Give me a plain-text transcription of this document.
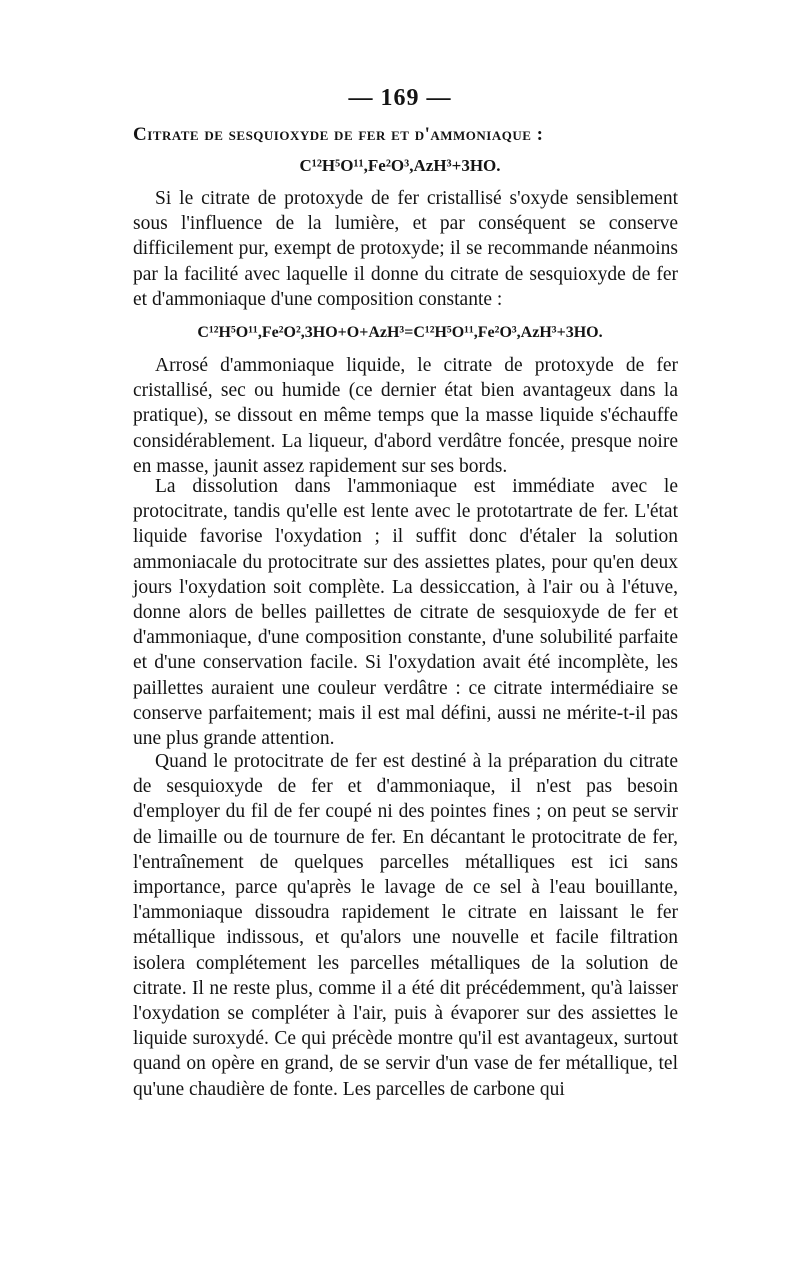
— 169 —
Citrate de sesquioxyde de fer et d'ammoniaque :
C¹²H⁵O¹¹,Fe²O³,AzH³+3HO.

Si le citrate de protoxyde de fer cristallisé s'oxyde sensiblement sous l'influence de la lumière, et par conséquent se conserve difficilement pur, exempt de protoxyde; il se recommande néanmoins par la facilité avec laquelle il donne du citrate de sesquioxyde de fer et d'ammoniaque d'une composition constante :

C¹²H⁵O¹¹,Fe²O²,3HO+O+AzH³=C¹²H⁵O¹¹,Fe²O³,AzH³+3HO.

Arrosé d'ammoniaque liquide, le citrate de protoxyde de fer cristallisé, sec ou humide (ce dernier état bien avantageux dans la pratique), se dissout en même temps que la masse liquide s'échauffe considérablement. La liqueur, d'abord verdâtre foncée, presque noire en masse, jaunit assez rapidement sur ses bords.

La dissolution dans l'ammoniaque est immédiate avec le protocitrate, tandis qu'elle est lente avec le prototartrate de fer. L'état liquide favorise l'oxydation ; il suffit donc d'étaler la solution ammoniacale du protocitrate sur des assiettes plates, pour qu'en deux jours l'oxydation soit complète. La dessiccation, à l'air ou à l'étuve, donne alors de belles paillettes de citrate de sesquioxyde de fer et d'ammoniaque, d'une composition constante, d'une solubilité parfaite et d'une conservation facile. Si l'oxydation avait été incomplète, les paillettes auraient une couleur verdâtre : ce citrate intermédiaire se conserve parfaitement; mais il est mal défini, aussi ne mérite-t-il pas une plus grande attention.

Quand le protocitrate de fer est destiné à la préparation du citrate de sesquioxyde de fer et d'ammoniaque, il n'est pas besoin d'employer du fil de fer coupé ni des pointes fines ; on peut se servir de limaille ou de tournure de fer. En décantant le protocitrate de fer, l'entraînement de quelques parcelles métalliques est ici sans importance, parce qu'après le lavage de ce sel à l'eau bouillante, l'ammoniaque dissoudra rapidement le citrate en laissant le fer métallique indissous, et qu'alors une nouvelle et facile filtration isolera complétement les parcelles métalliques de la solution de citrate. Il ne reste plus, comme il a été dit précédemment, qu'à laisser l'oxydation se compléter à l'air, puis à évaporer sur des assiettes le liquide suroxydé. Ce qui précède montre qu'il est avantageux, surtout quand on opère en grand, de se servir d'un vase de fer métallique, tel qu'une chaudière de fonte. Les parcelles de carbone qui
